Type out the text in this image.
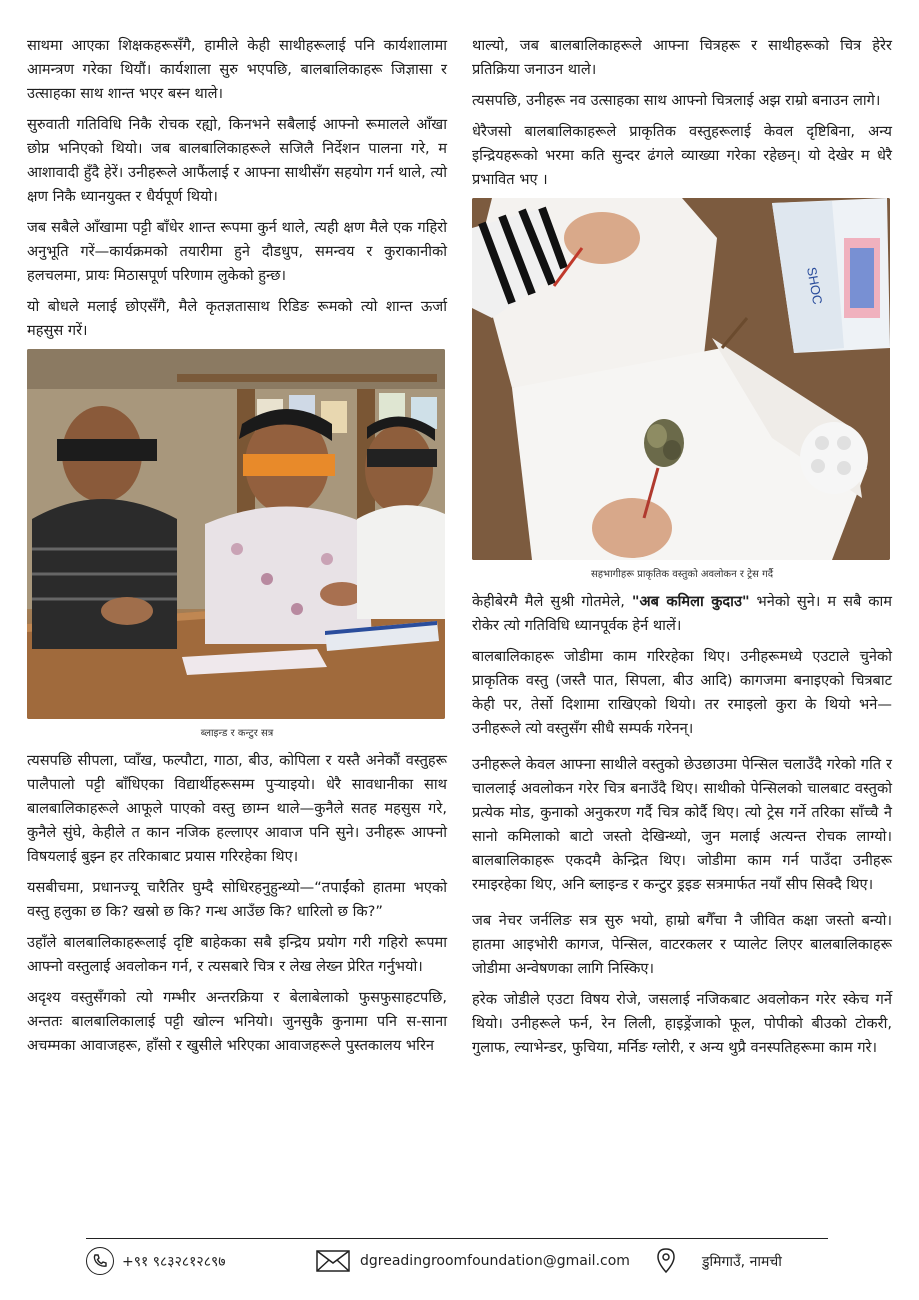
साथमा आएका शिक्षकहरूसँगै, हामीले केही साथीहरूलाई पनि कार्यशालामा आमन्त्रण गरेका थियौं। कार्यशाला सुरु भएपछि, बालबालिकाहरू जिज्ञासा र उत्साहका साथ शान्त भएर बस्न थाले।

सुरुवाती गतिविधि निकै रोचक रह्यो, किनभने सबैलाई आफ्नो रूमालले आँखा छोप्न भनिएको थियो। जब बालबालिकाहरूले सजिलै निर्देशन पालना गरे, म आशावादी हुँदै हेरें। उनीहरूले आफैंलाई र आफ्ना साथीसँग सहयोग गर्न थाले, त्यो क्षण निकै ध्यानयुक्त र धैर्यपूर्ण थियो।

जब सबैले आँखामा पट्टी बाँधेर शान्त रूपमा कुर्न थाले, त्यही क्षण मैले एक गहिरो अनुभूति गरें—कार्यक्रमको तयारीमा हुने दौडधुप, समन्वय र कुराकानीको हलचलमा, प्रायः मिठासपूर्ण परिणाम लुकेको हुन्छ।

यो बोधले मलाई छोएसँगै, मैले कृतज्ञतासाथ रिडिङ रूमको त्यो शान्त ऊर्जा महसुस गरें।

ब्लाइन्ड र कन्टुर सत्र

त्यसपछि सीपला, प्वाँख, फल्पौटा, गाठा, बीउ, कोपिला र यस्तै अनेकौं वस्तुहरू पालैपालो पट्टी बाँधिएका विद्यार्थीहरूसम्म पुऱ्याइयो। धेरै सावधानीका साथ बालबालिकाहरूले आफूले पाएको वस्तु छाम्न थाले—कुनैले सतह महसुस गरे, कुनैले सुंघे, केहीले त कान नजिक हल्लाएर आवाज पनि सुने। उनीहरू आफ्नो विषयलाई बुझ्न हर तरिकाबाट प्रयास गरिरहेका थिए।

यसबीचमा, प्रधानज्यू चारैतिर घुम्दै सोधिरहनुहुन्थ्यो—“तपाईंको हातमा भएको वस्तु हलुका छ कि? खस्रो छ कि? गन्ध आउँछ कि? धारिलो छ कि?”

उहाँले बालबालिकाहरूलाई दृष्टि बाहेकका सबै इन्द्रिय प्रयोग गरी गहिरो रूपमा आफ्नो वस्तुलाई अवलोकन गर्न, र त्यसबारे चित्र र लेख लेख्न प्रेरित गर्नुभयो।

अदृश्य वस्तुसँगको त्यो गम्भीर अन्तरक्रिया र बेलाबेलाको फुसफुसाहटपछि, अन्ततः बालबालिकालाई पट्टी खोल्न भनियो। जुनसुकै कुनामा पनि स-साना अचम्मका आवाजहरू, हाँसो र खुसीले भरिएका आवाजहरूले पुस्तकालय भरिन

थाल्यो, जब बालबालिकाहरूले आफ्ना चित्रहरू र साथीहरूको चित्र हेरेर प्रतिक्रिया जनाउन थाले।

त्यसपछि, उनीहरू नव उत्साहका साथ आफ्नो चित्रलाई अझ राम्रो बनाउन लागे।

धेरैजसो बालबालिकाहरूले प्राकृतिक वस्तुहरूलाई केवल दृष्टिबिना, अन्य इन्द्रियहरूको भरमा कति सुन्दर ढंगले व्याख्या गरेका रहेछन्। यो देखेर म धेरै प्रभावित भए ।

SHOC
सहभागीहरू प्राकृतिक वस्तुको अवलोकन र ट्रेस गर्दै

केहीबेरमै मैले सुश्री गोतमेले, "अब कमिला कुदाउ" भनेको सुने। म सबै काम रोकेर त्यो गतिविधि ध्यानपूर्वक हेर्न थालें।

बालबालिकाहरू जोडीमा काम गरिरहेका थिए। उनीहरूमध्ये एउटाले चुनेको प्राकृतिक वस्तु (जस्तै पात, सिपला, बीउ आदि) कागजमा बनाइएको चित्रबाट केही पर, तेर्सो दिशामा राखिएको थियो। तर रमाइलो कुरा के थियो भने—उनीहरूले त्यो वस्तुसँग सीधै सम्पर्क गरेनन्।

उनीहरूले केवल आफ्ना साथीले वस्तुको छेउछाउमा पेन्सिल चलाउँदै गरेको गति र चाललाई अवलोकन गरेर चित्र बनाउँदै थिए। साथीको पेन्सिलको चालबाट वस्तुको प्रत्येक मोड, कुनाको अनुकरण गर्दै चित्र कोर्दै थिए। त्यो ट्रेस गर्ने तरिका साँच्चै नै सानो कमिलाको बाटो जस्तो देखिन्थ्यो, जुन मलाई अत्यन्त रोचक लाग्यो। बालबालिकाहरू एकदमै केन्द्रित थिए। जोडीमा काम गर्न पाउँदा उनीहरू रमाइरहेका थिए, अनि ब्लाइन्ड र कन्टुर ड्रइङ सत्रमार्फत नयाँ सीप सिक्दै थिए।

जब नेचर जर्नलिङ सत्र सुरु भयो, हाम्रो बगैँचा नै जीवित कक्षा जस्तो बन्यो। हातमा आइभोरी कागज, पेन्सिल, वाटरकलर र प्यालेट लिएर बालबालिकाहरू जोडीमा अन्वेषणका लागि निस्किए।

हरेक जोडीले एउटा विषय रोजे, जसलाई नजिकबाट अवलोकन गरेर स्केच गर्ने थियो। उनीहरूले फर्न, रेन लिली, हाइड्रेंजाको फूल, पोपीको बीउको टोकरी, गुलाफ, ल्याभेन्डर, फुचिया, मर्निङ ग्लोरी, र अन्य थुप्रै वनस्पतिहरूमा काम गरे।

+९१ ९८३२८१२८९७	dgreadingroomfoundation@gmail.com	डुमिगाउँ, नामची
